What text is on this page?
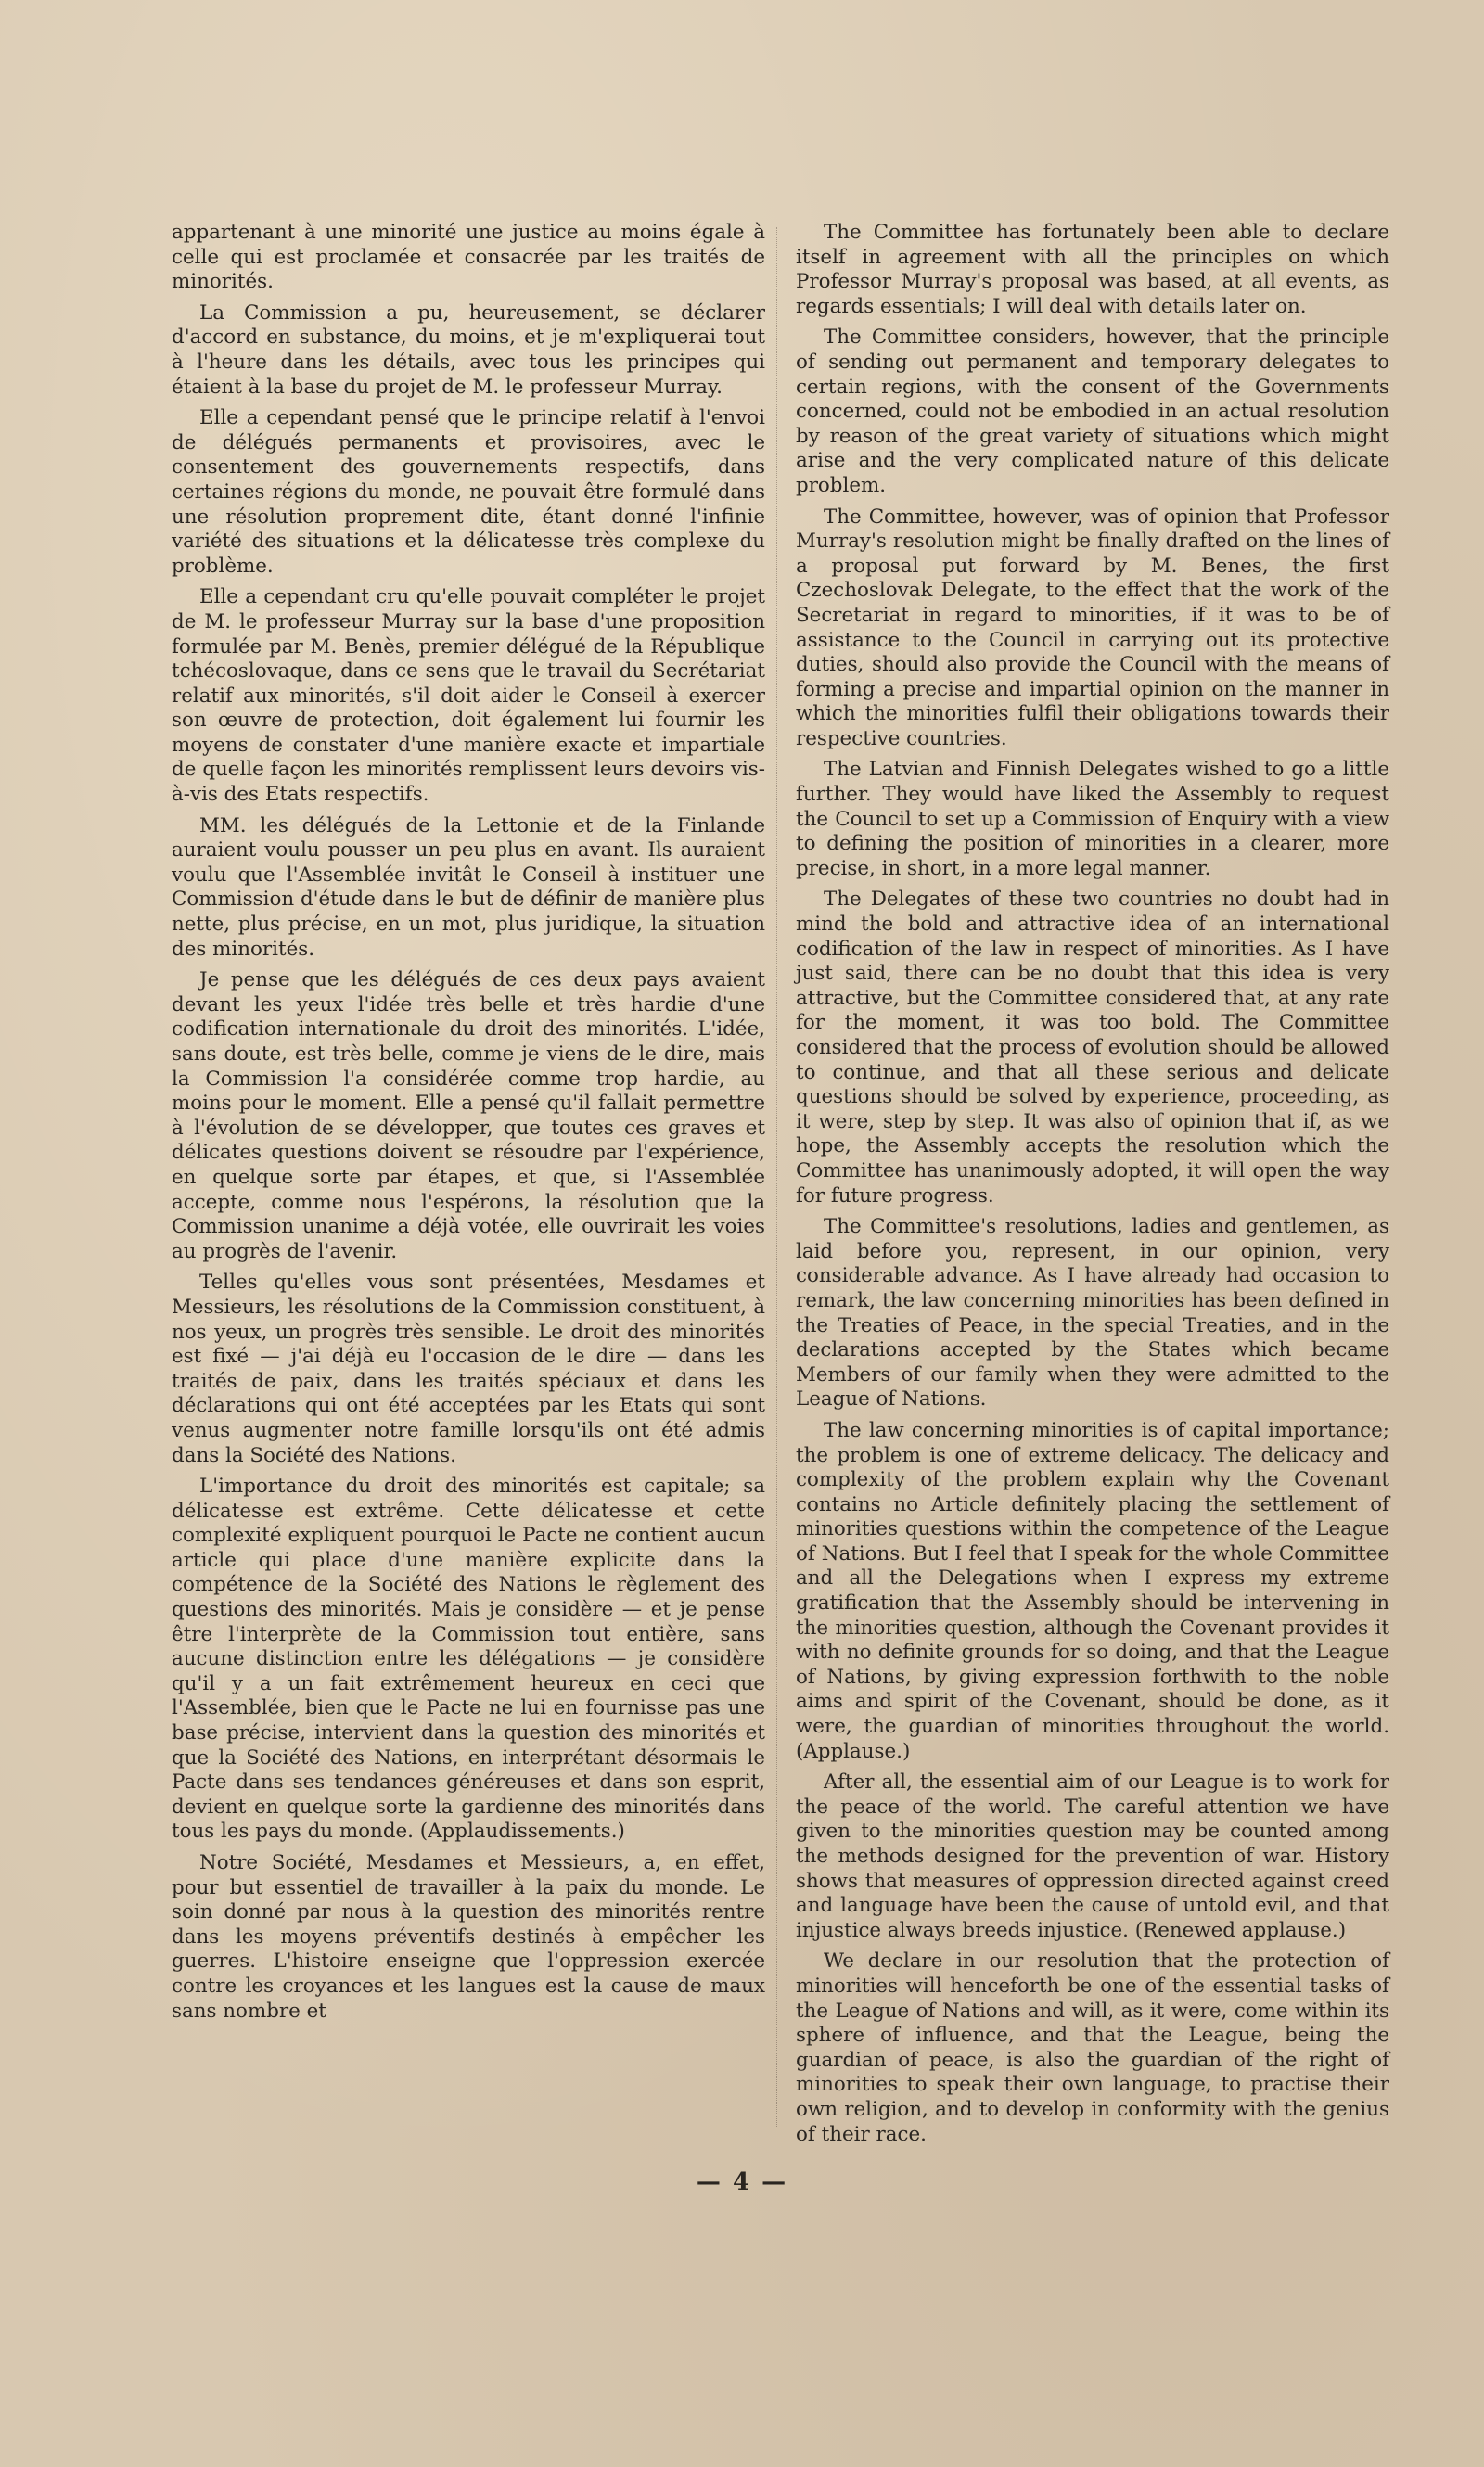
appartenant à une minorité une justice au moins égale à celle qui est proclamée et consacrée par les traités de minorités.

La Commission a pu, heureusement, se déclarer d'accord en substance, du moins, et je m'expliquerai tout à l'heure dans les détails, avec tous les principes qui étaient à la base du projet de M. le professeur Murray.

Elle a cependant pensé que le principe relatif à l'envoi de délégués permanents et provisoires, avec le consentement des gouvernements respectifs, dans certaines régions du monde, ne pouvait être formulé dans une résolution proprement dite, étant donné l'infinie variété des situations et la délicatesse très complexe du problème.

Elle a cependant cru qu'elle pouvait compléter le projet de M. le professeur Murray sur la base d'une proposition formulée par M. Benès, premier délégué de la République tchécoslovaque, dans ce sens que le travail du Secrétariat relatif aux minorités, s'il doit aider le Conseil à exercer son œuvre de protection, doit également lui fournir les moyens de constater d'une manière exacte et impartiale de quelle façon les minorités remplissent leurs devoirs vis-à-vis des Etats respectifs.

MM. les délégués de la Lettonie et de la Finlande auraient voulu pousser un peu plus en avant. Ils auraient voulu que l'Assemblée invitât le Conseil à instituer une Commission d'étude dans le but de définir de manière plus nette, plus précise, en un mot, plus juridique, la situation des minorités.

Je pense que les délégués de ces deux pays avaient devant les yeux l'idée très belle et très hardie d'une codification internationale du droit des minorités. L'idée, sans doute, est très belle, comme je viens de le dire, mais la Commission l'a considérée comme trop hardie, au moins pour le moment. Elle a pensé qu'il fallait permettre à l'évolution de se développer, que toutes ces graves et délicates questions doivent se résoudre par l'expérience, en quelque sorte par étapes, et que, si l'Assemblée accepte, comme nous l'espérons, la résolution que la Commission unanime a déjà votée, elle ouvrirait les voies au progrès de l'avenir.

Telles qu'elles vous sont présentées, Mesdames et Messieurs, les résolutions de la Commission constituent, à nos yeux, un progrès très sensible. Le droit des minorités est fixé — j'ai déjà eu l'occasion de le dire — dans les traités de paix, dans les traités spéciaux et dans les déclarations qui ont été acceptées par les Etats qui sont venus augmenter notre famille lorsqu'ils ont été admis dans la Société des Nations.

L'importance du droit des minorités est capitale; sa délicatesse est extrême. Cette délicatesse et cette complexité expliquent pourquoi le Pacte ne contient aucun article qui place d'une manière explicite dans la compétence de la Société des Nations le règlement des questions des minorités. Mais je considère — et je pense être l'interprète de la Commission tout entière, sans aucune distinction entre les délégations — je considère qu'il y a un fait extrêmement heureux en ceci que l'Assemblée, bien que le Pacte ne lui en fournisse pas une base précise, intervient dans la question des minorités et que la Société des Nations, en interprétant désormais le Pacte dans ses tendances généreuses et dans son esprit, devient en quelque sorte la gardienne des minorités dans tous les pays du monde. (Applaudissements.)

Notre Société, Mesdames et Messieurs, a, en effet, pour but essentiel de travailler à la paix du monde. Le soin donné par nous à la question des minorités rentre dans les moyens préventifs destinés à empêcher les guerres. L'histoire enseigne que l'oppression exercée contre les croyances et les langues est la cause de maux sans nombre et

The Committee has fortunately been able to declare itself in agreement with all the principles on which Professor Murray's proposal was based, at all events, as regards essentials; I will deal with details later on.

The Committee considers, however, that the principle of sending out permanent and temporary delegates to certain regions, with the consent of the Governments concerned, could not be embodied in an actual resolution by reason of the great variety of situations which might arise and the very complicated nature of this delicate problem.

The Committee, however, was of opinion that Professor Murray's resolution might be finally drafted on the lines of a proposal put forward by M. Benes, the first Czechoslovak Delegate, to the effect that the work of the Secretariat in regard to minorities, if it was to be of assistance to the Council in carrying out its protective duties, should also provide the Council with the means of forming a precise and impartial opinion on the manner in which the minorities fulfil their obligations towards their respective countries.

The Latvian and Finnish Delegates wished to go a little further. They would have liked the Assembly to request the Council to set up a Commission of Enquiry with a view to defining the position of minorities in a clearer, more precise, in short, in a more legal manner.

The Delegates of these two countries no doubt had in mind the bold and attractive idea of an international codification of the law in respect of minorities. As I have just said, there can be no doubt that this idea is very attractive, but the Committee considered that, at any rate for the moment, it was too bold. The Committee considered that the process of evolution should be allowed to continue, and that all these serious and delicate questions should be solved by experience, proceeding, as it were, step by step. It was also of opinion that if, as we hope, the Assembly accepts the resolution which the Committee has unanimously adopted, it will open the way for future progress.

The Committee's resolutions, ladies and gentlemen, as laid before you, represent, in our opinion, very considerable advance. As I have already had occasion to remark, the law concerning minorities has been defined in the Treaties of Peace, in the special Treaties, and in the declarations accepted by the States which became Members of our family when they were admitted to the League of Nations.

The law concerning minorities is of capital importance; the problem is one of extreme delicacy. The delicacy and complexity of the problem explain why the Covenant contains no Article definitely placing the settlement of minorities questions within the competence of the League of Nations. But I feel that I speak for the whole Committee and all the Delegations when I express my extreme gratification that the Assembly should be intervening in the minorities question, although the Covenant provides it with no definite grounds for so doing, and that the League of Nations, by giving expression forthwith to the noble aims and spirit of the Covenant, should be done, as it were, the guardian of minorities throughout the world. (Applause.)

After all, the essential aim of our League is to work for the peace of the world. The careful attention we have given to the minorities question may be counted among the methods designed for the prevention of war. History shows that measures of oppression directed against creed and language have been the cause of untold evil, and that injustice always breeds injustice. (Renewed applause.)

We declare in our resolution that the protection of minorities will henceforth be one of the essential tasks of the League of Nations and will, as it were, come within its sphere of influence, and that the League, being the guardian of peace, is also the guardian of the right of minorities to speak their own language, to practise their own religion, and to develop in conformity with the genius of their race.

— 4 —
